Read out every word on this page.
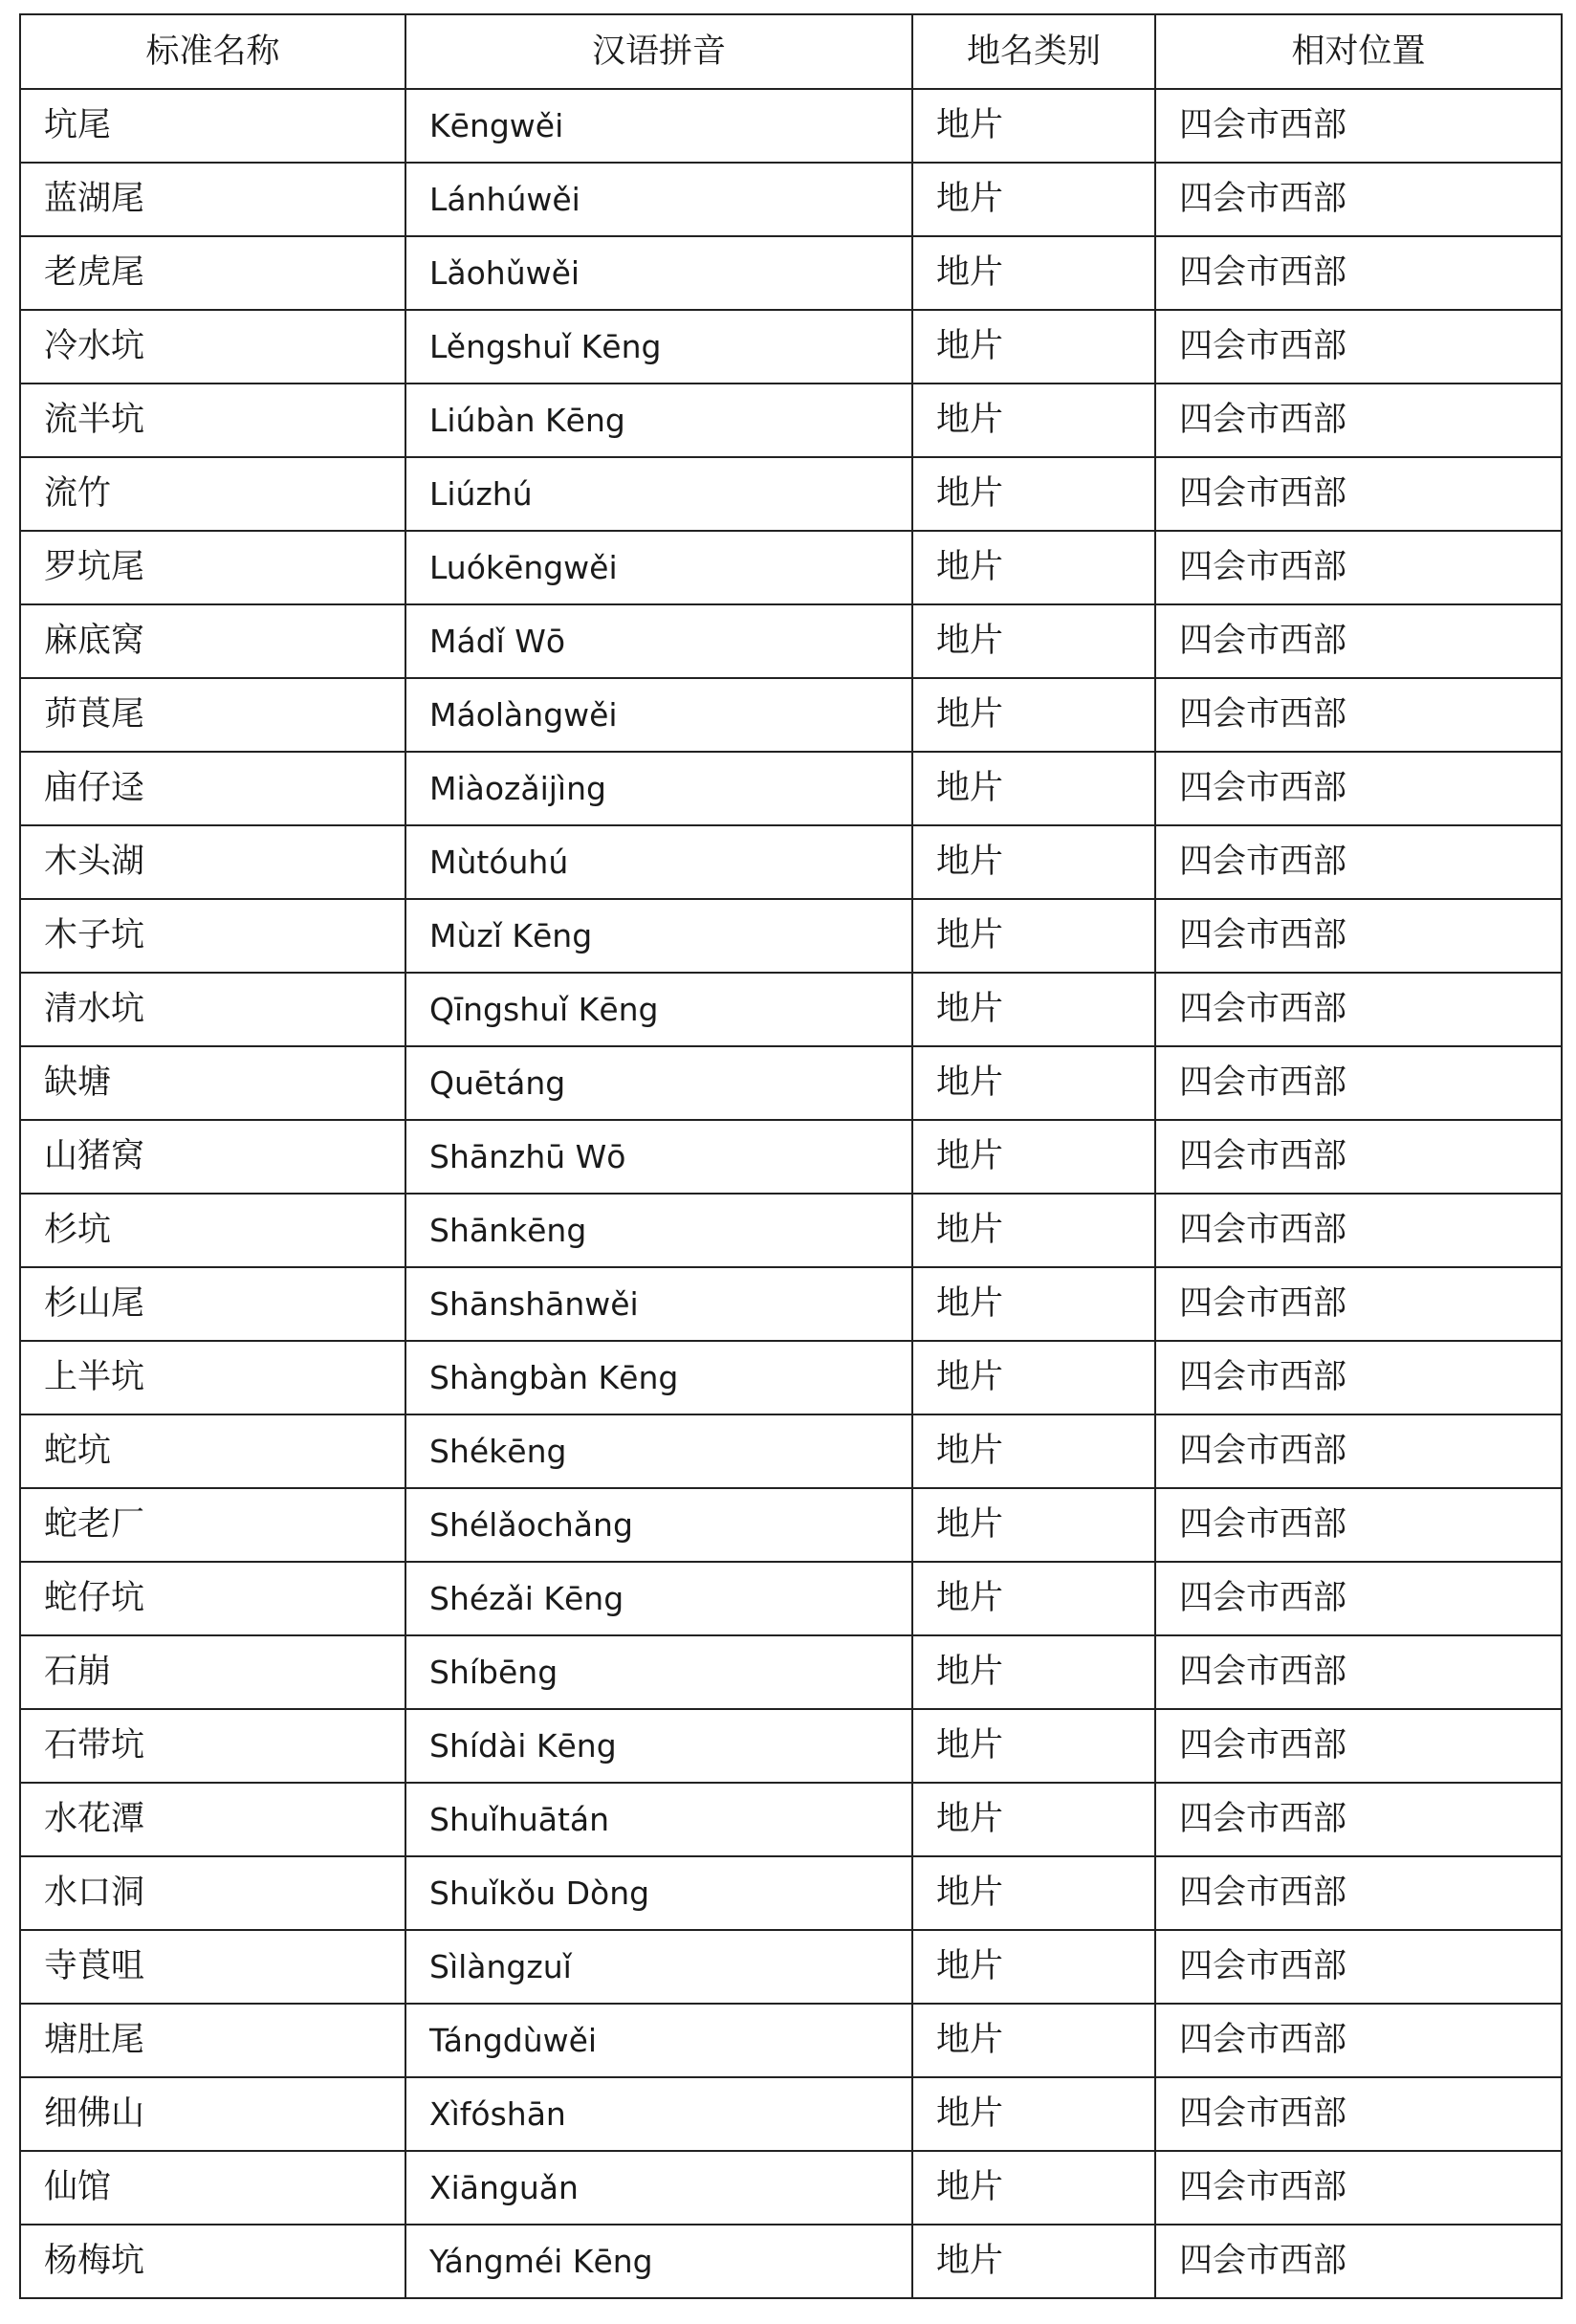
标准名称	汉语拼音	地名类别	相对位置
坑尾	Kēngwěi	地片	四会市西部
蓝湖尾	Lánhúwěi	地片	四会市西部
老虎尾	Lǎohǔwěi	地片	四会市西部
冷水坑	Lěngshuǐ Kēng	地片	四会市西部
流半坑	Liúbàn Kēng	地片	四会市西部
流竹	Liúzhú	地片	四会市西部
罗坑尾	Luókēngwěi	地片	四会市西部
麻底窝	Mádǐ Wō	地片	四会市西部
茆莨尾	Máolàngwěi	地片	四会市西部
庙仔迳	Miàozǎijìng	地片	四会市西部
木头湖	Mùtóuhú	地片	四会市西部
木子坑	Mùzǐ Kēng	地片	四会市西部
清水坑	Qīngshuǐ Kēng	地片	四会市西部
缺塘	Quētáng	地片	四会市西部
山猪窝	Shānzhū Wō	地片	四会市西部
杉坑	Shānkēng	地片	四会市西部
杉山尾	Shānshānwěi	地片	四会市西部
上半坑	Shàngbàn Kēng	地片	四会市西部
蛇坑	Shékēng	地片	四会市西部
蛇老厂	Shélǎochǎng	地片	四会市西部
蛇仔坑	Shézǎi Kēng	地片	四会市西部
石崩	Shíbēng	地片	四会市西部
石带坑	Shídài Kēng	地片	四会市西部
水花潭	Shuǐhuātán	地片	四会市西部
水口洞	Shuǐkǒu Dòng	地片	四会市西部
寺莨咀	Sìlàngzuǐ	地片	四会市西部
塘肚尾	Tángdùwěi	地片	四会市西部
细佛山	Xìfóshān	地片	四会市西部
仙馆	Xiānguǎn	地片	四会市西部
杨梅坑	Yángméi Kēng	地片	四会市西部
